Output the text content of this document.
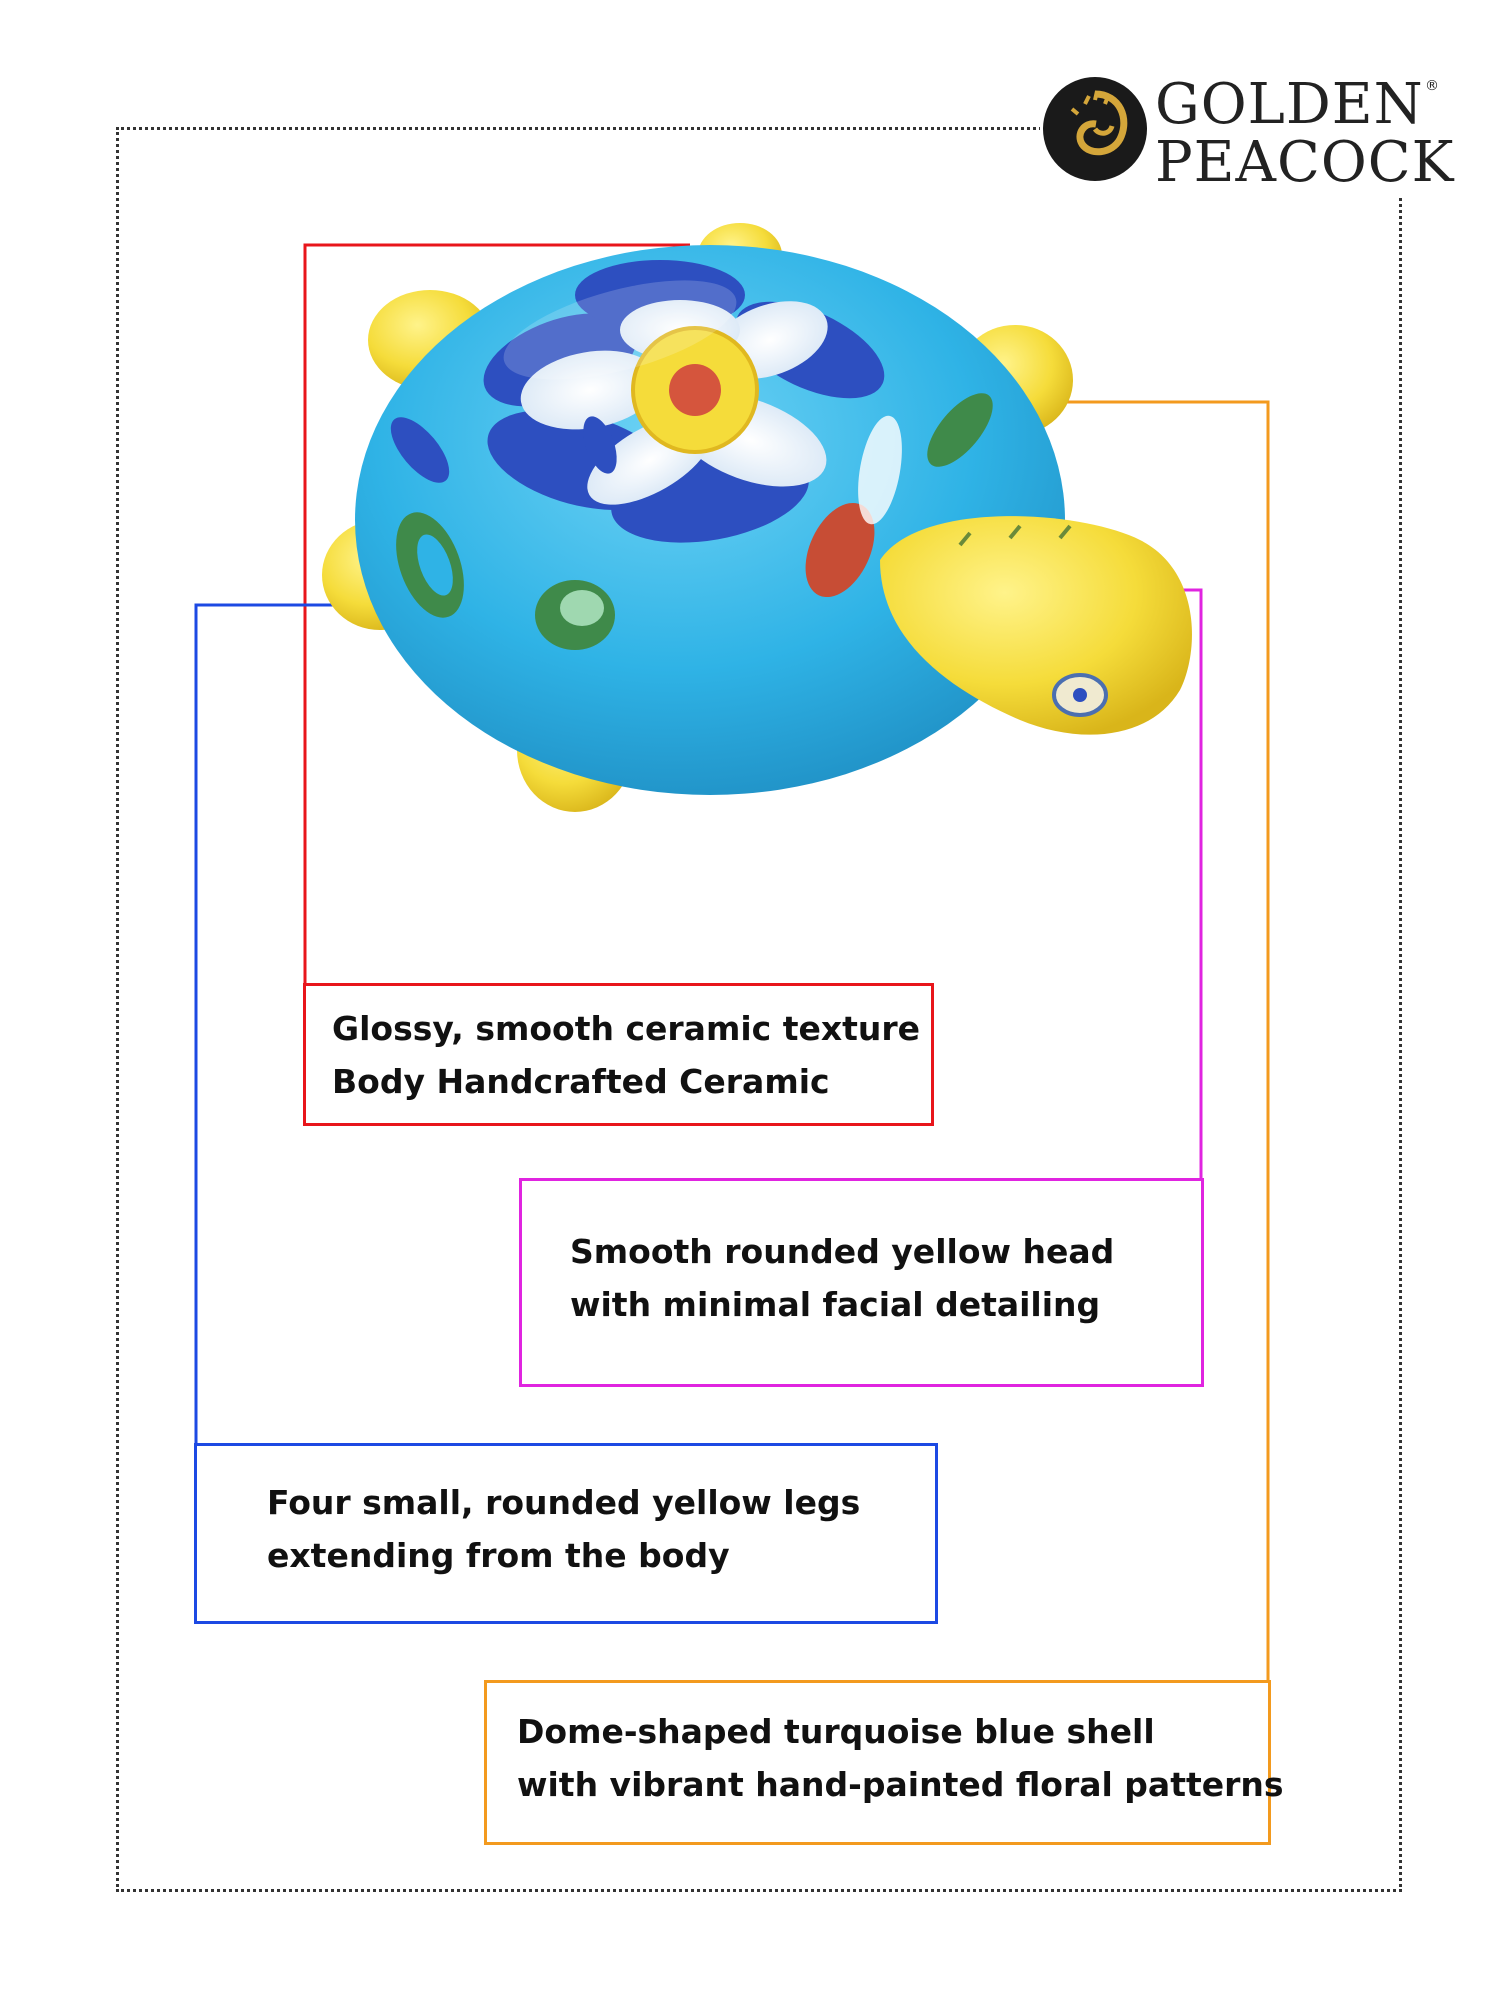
GOLDEN
PEACOCK
®
Glossy, smooth ceramic texture
Body Handcrafted Ceramic
Smooth rounded yellow head
with minimal facial detailing
Four small, rounded yellow legs
extending from the body
Dome-shaped turquoise blue shell
with vibrant hand-painted floral patterns
